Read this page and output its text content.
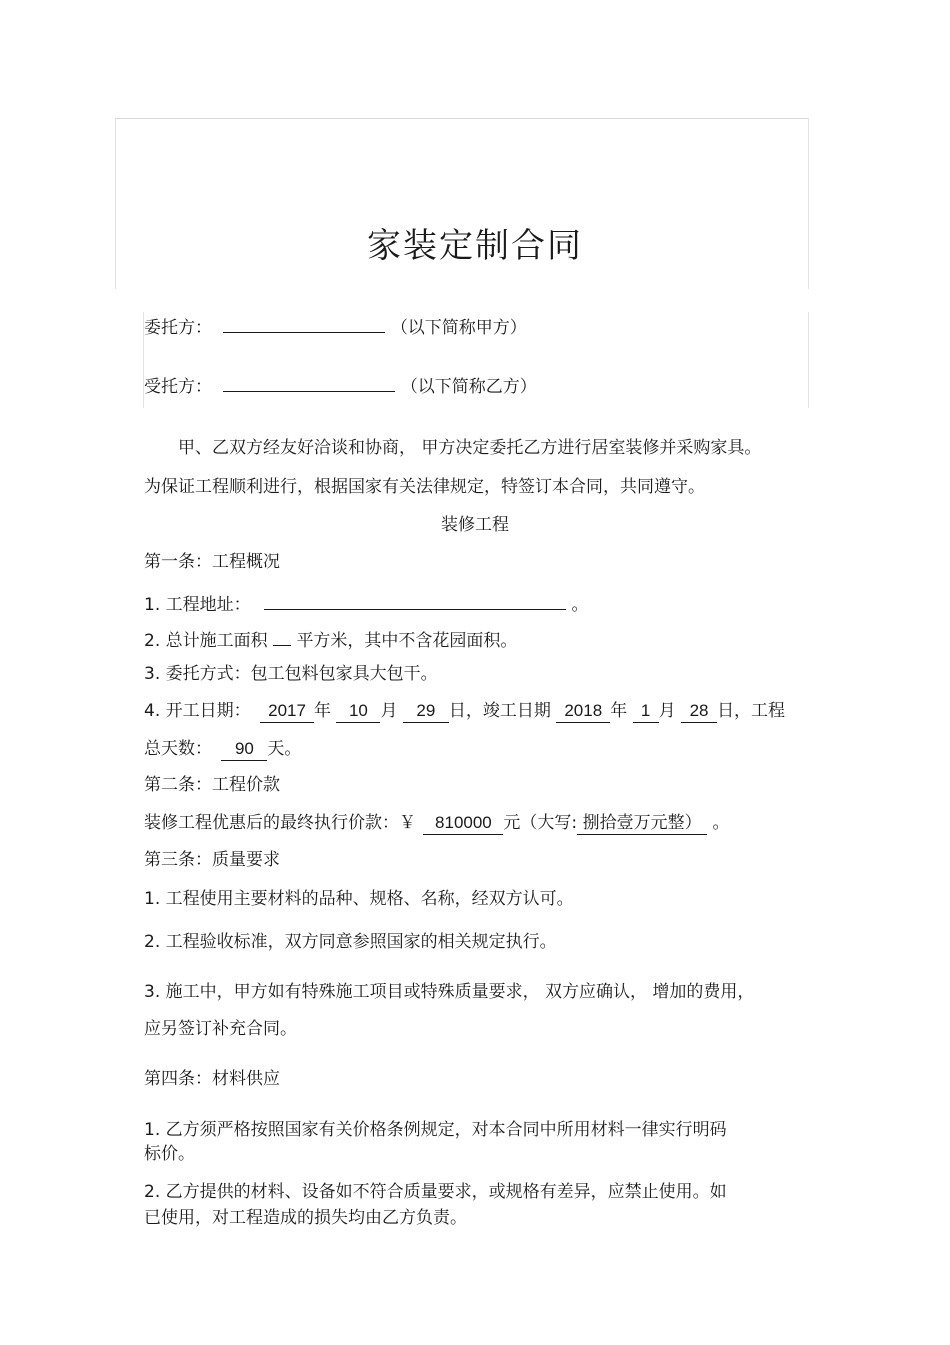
家装定制合同
委托方：	（以下简称甲方）
受托方：	（以下简称乙方）
甲、乙双方经友好洽谈和协商， 甲方决定委托乙方进行居室装修并采购家具。
为保证工程顺利进行，根据国家有关法律规定，特签订本合同，共同遵守。
装修工程
第一条：工程概况
1. 工程地址：	。
2. 总计施工面积  平方米，其中不含花园面积。
3. 委托方式：包工包料包家具大包干。
4. 开工日期： 2017 年 10 月 29 日，竣工日期 2018 年 1 月 28 日，工程
总天数： 90 天。
第二条：工程价款
装修工程优惠后的最终执行价款：￥ 810000 元（大写:捌拾壹万元整） 。
第三条：质量要求
1. 工程使用主要材料的品种、规格、名称，经双方认可。
2. 工程验收标准，双方同意参照国家的相关规定执行。
3. 施工中，甲方如有特殊施工项目或特殊质量要求， 双方应确认， 增加的费用，
应另签订补充合同。
第四条：材料供应
1. 乙方须严格按照国家有关价格条例规定，对本合同中所用材料一律实行明码
标价。
2. 乙方提供的材料、设备如不符合质量要求，或规格有差异，应禁止使用。如
已使用，对工程造成的损失均由乙方负责。
